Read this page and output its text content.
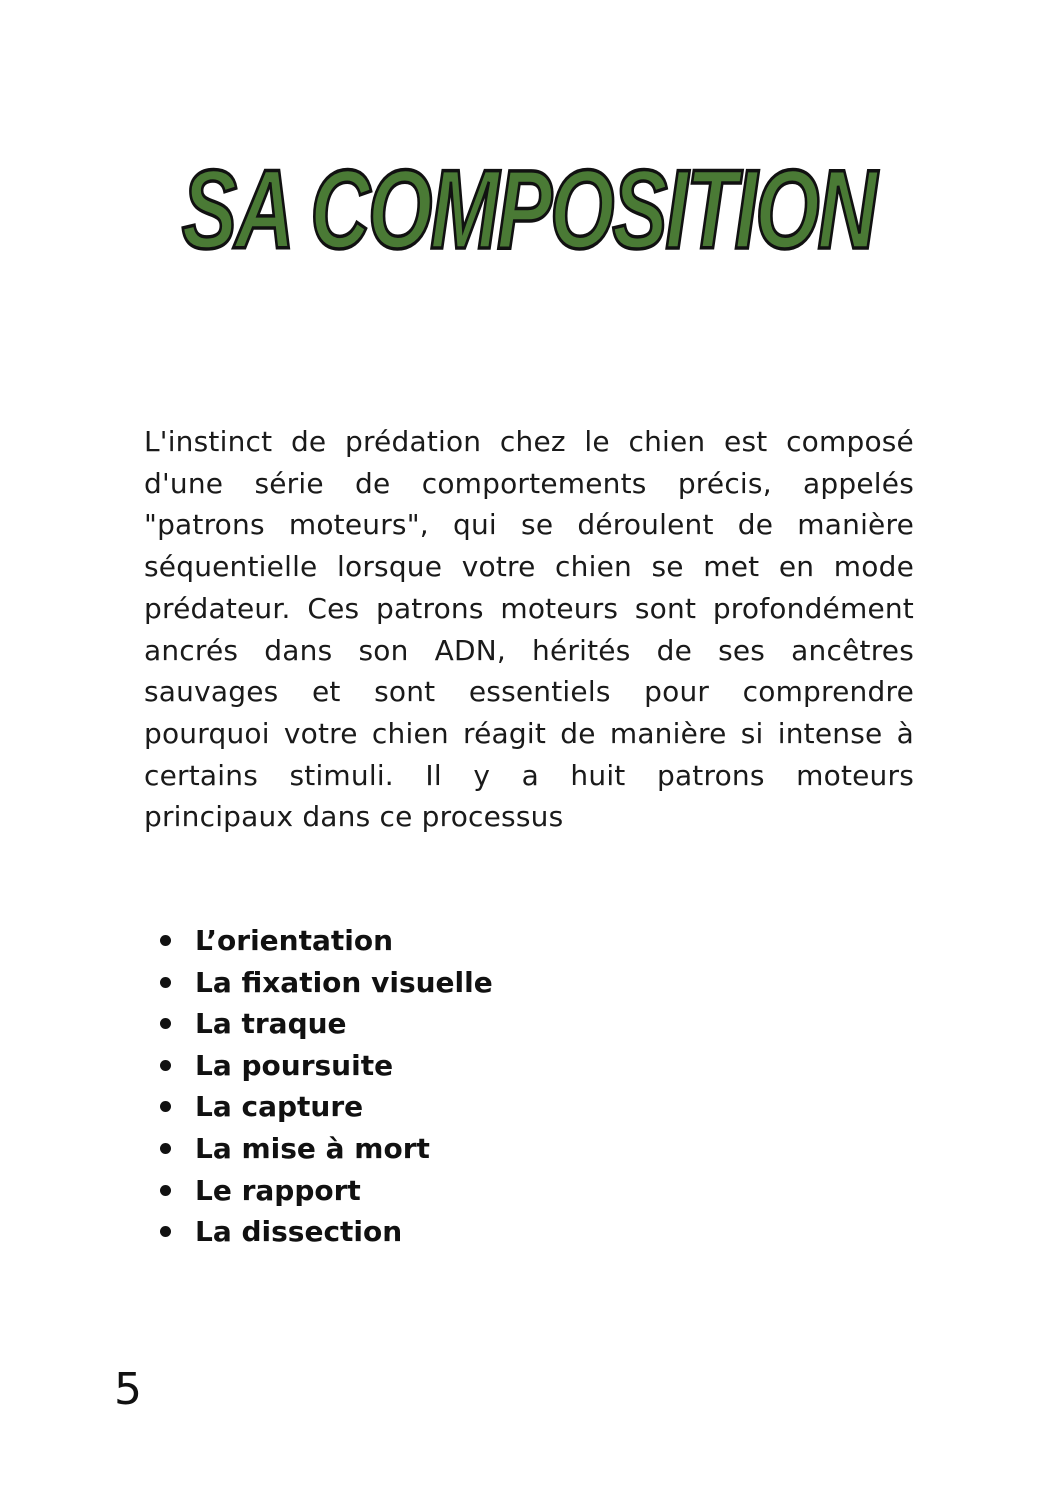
SA COMPOSITION

L'instinct de prédation chez le chien est composé d'une série de comportements précis, appelés "patrons moteurs", qui se déroulent de manière séquentielle lorsque votre chien se met en mode prédateur. Ces patrons moteurs sont profondément ancrés dans son ADN, hérités de ses ancêtres sauvages et sont essentiels pour comprendre pourquoi votre chien réagit de manière si intense à certains stimuli. Il y a huit patrons moteurs principaux dans ce processus

L’orientation
La fixation visuelle
La traque
La poursuite
La capture
La mise à mort
Le rapport
La dissection
5
